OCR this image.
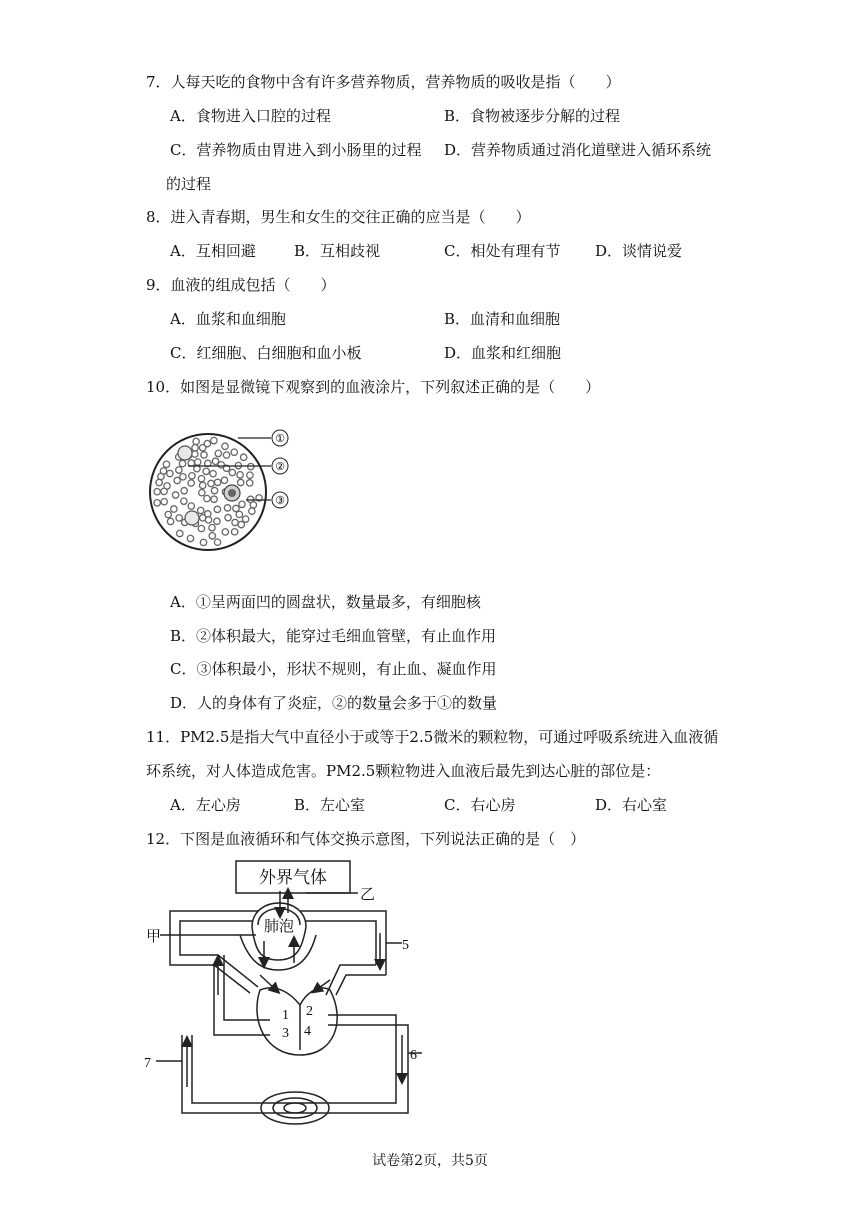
7．人每天吃的食物中含有许多营养物质，营养物质的吸收是指（　　）
A．食物进入口腔的过程	B．食物被逐步分解的过程
C．营养物质由胃进入到小肠里的过程 D．营养物质通过消化道壁进入循环系统
的过程
8．进入青春期，男生和女生的交往正确的应当是（　　）
A．互相回避	B．互相歧视	C．相处有理有节 D．谈情说爱
9．血液的组成包括（　　）
A．血浆和血细胞	B．血清和血细胞
C．红细胞、白细胞和血小板	D．血浆和红细胞
10．如图是显微镜下观察到的血液涂片，下列叙述正确的是（　　）
①
②
③
A．①呈两面凹的圆盘状，数量最多，有细胞核
B．②体积最大，能穿过毛细血管壁，有止血作用
C．③体积最小，形状不规则，有止血、凝血作用
D．人的身体有了炎症，②的数量会多于①的数量
11．PM2.5是指大气中直径小于或等于2.5微米的颗粒物，可通过呼吸系统进入血液循
环系统，对人体造成危害。PM2.5颗粒物进入血液后最先到达心脏的部位是：
A．左心房	B．左心室	C．右心房	D．右心室
12．下图是血液循环和气体交换示意图，下列说法正确的是（　）
外界气体
肺泡
甲
乙
1 2
3 4
5
6
7
试卷第2页，共5页
